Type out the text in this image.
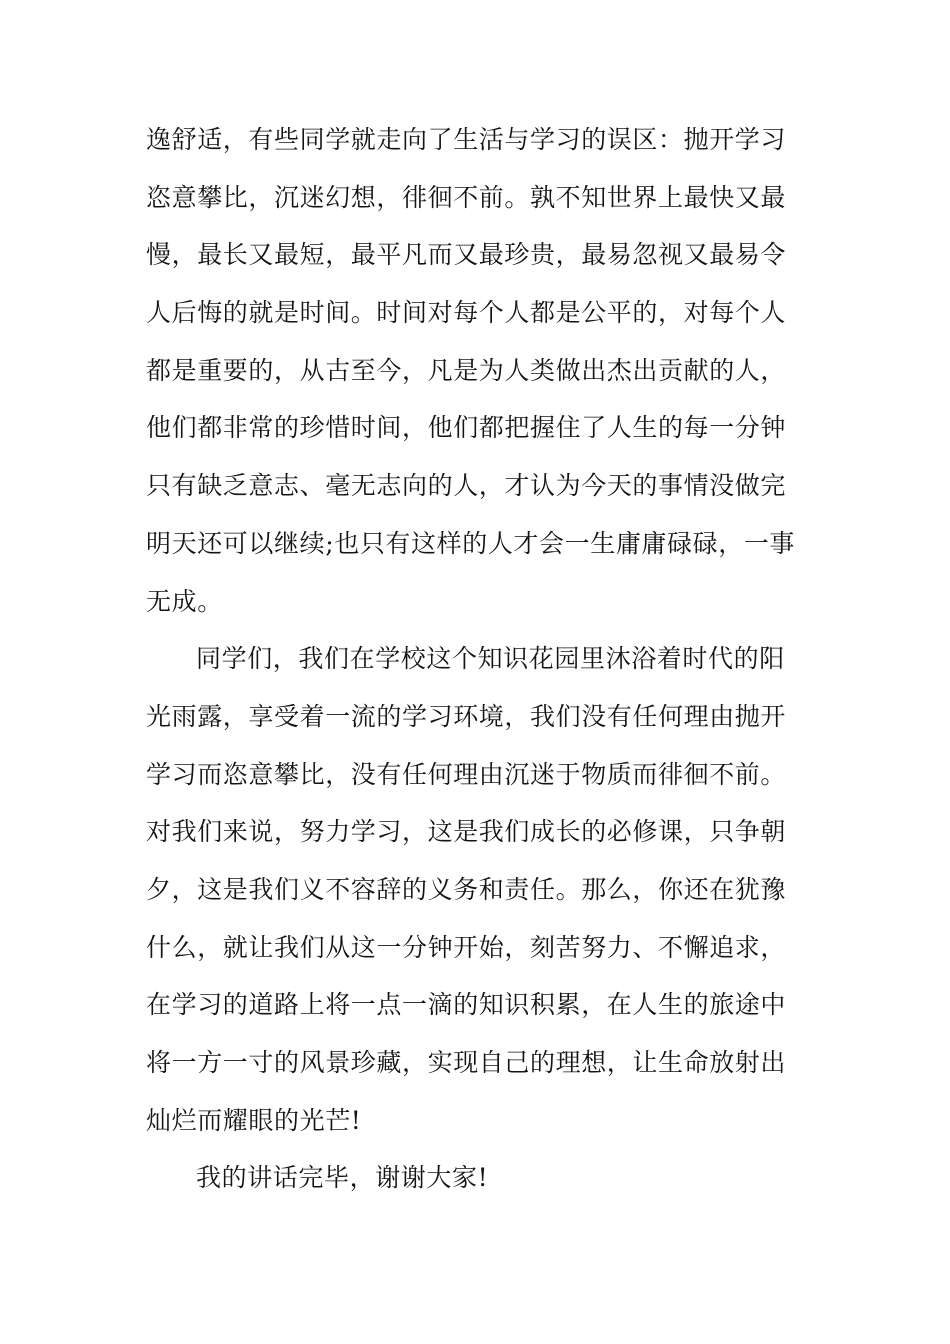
逸舒适，有些同学就走向了生活与学习的误区：抛开学习
恣意攀比，沉迷幻想，徘徊不前。孰不知世界上最快又最
慢，最长又最短，最平凡而又最珍贵，最易忽视又最易令
人后悔的就是时间。时间对每个人都是公平的，对每个人
都是重要的，从古至今，凡是为人类做出杰出贡献的人，
他们都非常的珍惜时间，他们都把握住了人生的每一分钟
只有缺乏意志、毫无志向的人，才认为今天的事情没做完
明天还可以继续;也只有这样的人才会一生庸庸碌碌，一事
无成。
同学们，我们在学校这个知识花园里沐浴着时代的阳
光雨露，享受着一流的学习环境，我们没有任何理由抛开
学习而恣意攀比，没有任何理由沉迷于物质而徘徊不前。
对我们来说，努力学习，这是我们成长的必修课，只争朝
夕，这是我们义不容辞的义务和责任。那么，你还在犹豫
什么，就让我们从这一分钟开始，刻苦努力、不懈追求，
在学习的道路上将一点一滴的知识积累，在人生的旅途中
将一方一寸的风景珍藏，实现自己的理想，让生命放射出
灿烂而耀眼的光芒!
我的讲话完毕，谢谢大家!
